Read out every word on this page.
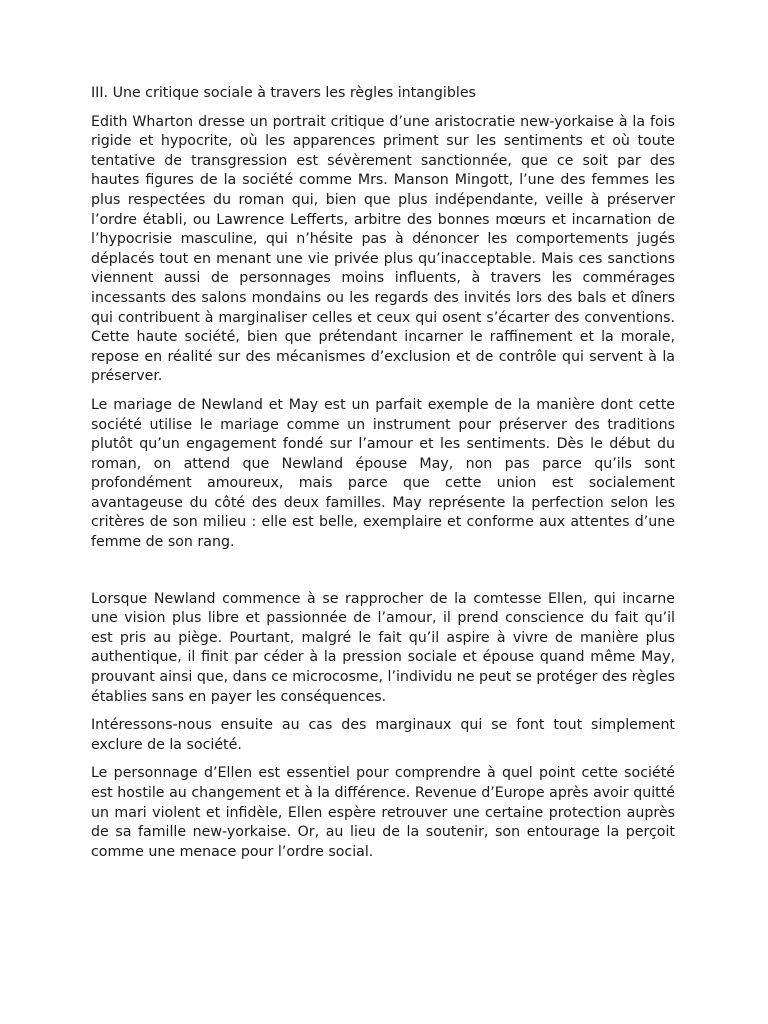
III. Une critique sociale à travers les règles intangibles

Edith Wharton dresse un portrait critique d’une aristocratie new-yorkaise à la fois rigide et hypocrite, où les apparences priment sur les sentiments et où toute tentative de transgression est sévèrement sanctionnée, que ce soit par des hautes figures de la société comme Mrs. Manson Mingott, l’une des femmes les plus respectées du roman qui, bien que plus indépendante, veille à préserver l’ordre établi, ou Lawrence Lefferts, arbitre des bonnes mœurs et incarnation de l’hypocrisie masculine, qui n’hésite pas à dénoncer les comportements jugés déplacés tout en menant une vie privée plus qu’inacceptable. Mais ces sanctions viennent aussi de personnages moins influents, à travers les commérages incessants des salons mondains ou les regards des invités lors des bals et dîners qui contribuent à marginaliser celles et ceux qui osent s’écarter des conventions. Cette haute société, bien que prétendant incarner le raffinement et la morale, repose en réalité sur des mécanismes d’exclusion et de contrôle qui servent à la préserver.

Le mariage de Newland et May est un parfait exemple de la manière dont cette société utilise le mariage comme un instrument pour préserver des traditions plutôt qu’un engagement fondé sur l’amour et les sentiments. Dès le début du roman, on attend que Newland épouse May, non pas parce qu’ils sont profondément amoureux, mais parce que cette union est socialement avantageuse du côté des deux familles. May représente la perfection selon les critères de son milieu : elle est belle, exemplaire et conforme aux attentes d’une femme de son rang.

Lorsque Newland commence à se rapprocher de la comtesse Ellen, qui incarne une vision plus libre et passionnée de l’amour, il prend conscience du fait qu’il est pris au piège. Pourtant, malgré le fait qu’il aspire à vivre de manière plus authentique, il finit par céder à la pression sociale et épouse quand même May, prouvant ainsi que, dans ce microcosme, l’individu ne peut se protéger des règles établies sans en payer les conséquences.

Intéressons-nous ensuite au cas des marginaux qui se font tout simplement exclure de la société.

Le personnage d’Ellen est essentiel pour comprendre à quel point cette société est hostile au changement et à la différence. Revenue d’Europe après avoir quitté un mari violent et infidèle, Ellen espère retrouver une certaine protection auprès de sa famille new-yorkaise. Or, au lieu de la soutenir, son entourage la perçoit comme une menace pour l’ordre social.
